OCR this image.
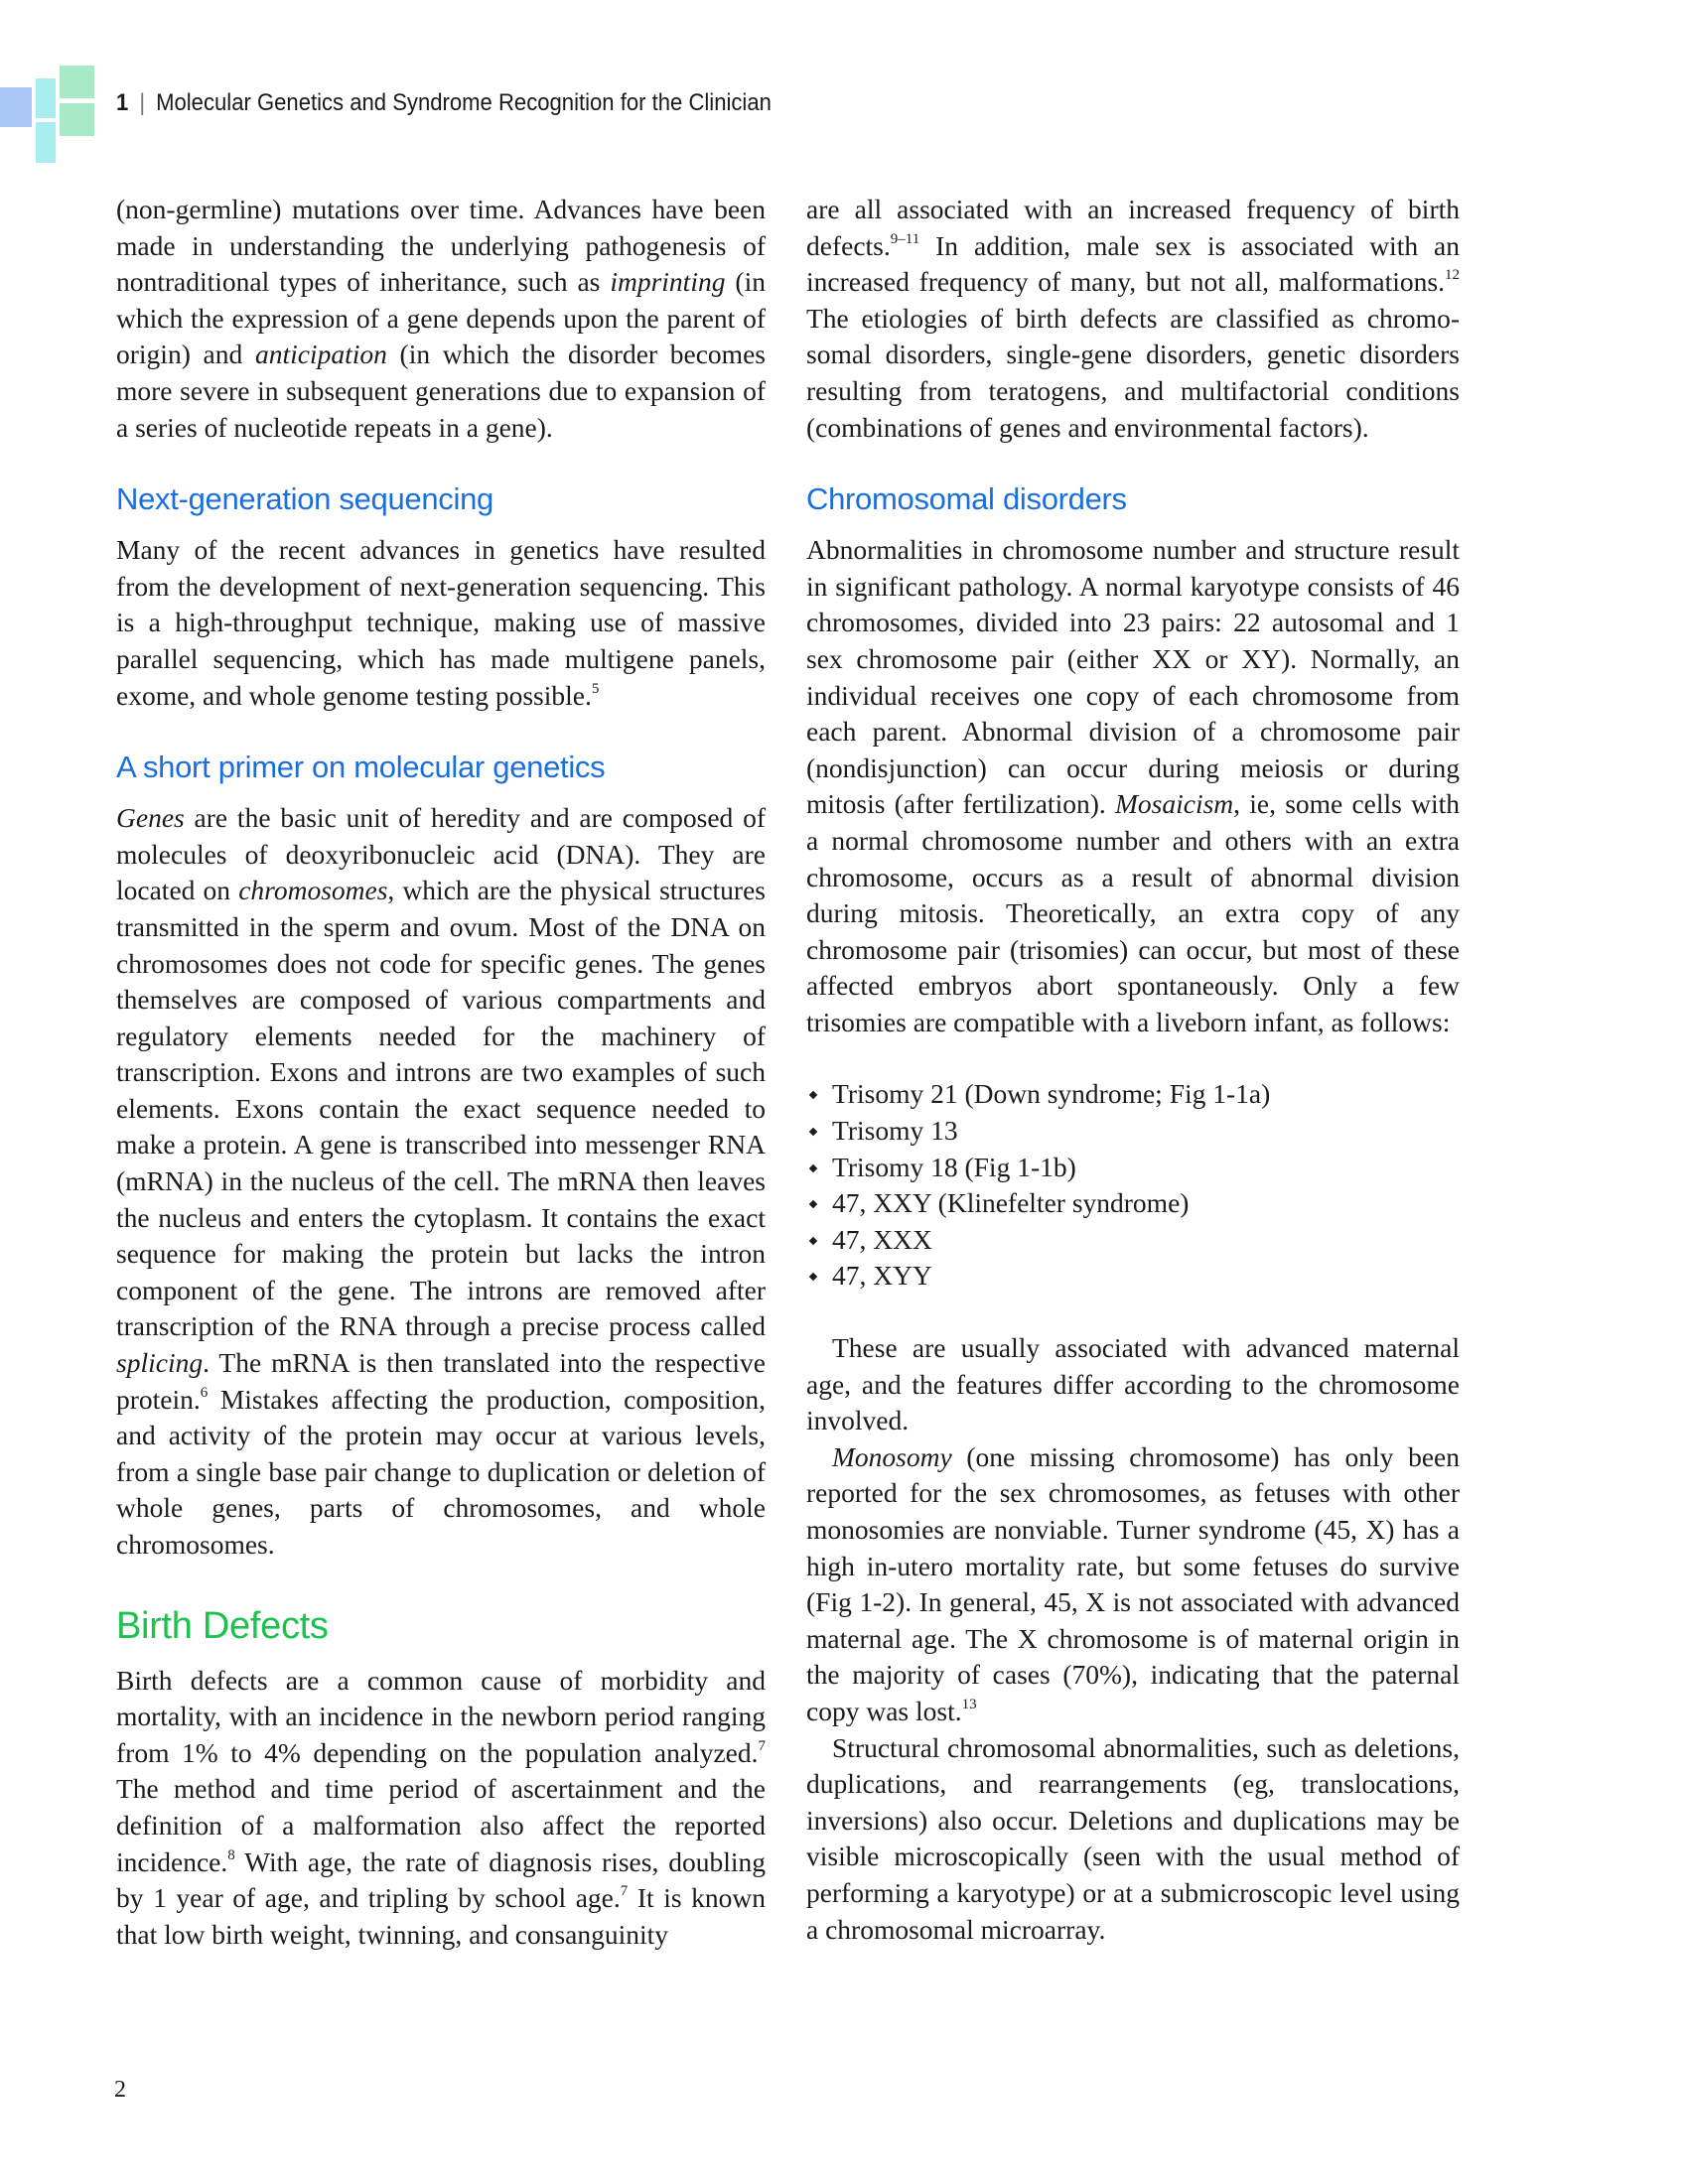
1 | Molecular Genetics and Syndrome Recognition for the Clinician

(non-germline) mutations over time. Advances have been made in understanding the underlying pathogenesis of nontraditional types of inheritance, such as imprinting (in which the expression of a gene depends upon the parent of origin) and anticipation (in which the disorder becomes more severe in subsequent generations due to expansion of a series of nucleotide repeats in a gene).

Next-generation sequencing

Many of the recent advances in genetics have resulted from the development of next-generation sequencing. This is a high-throughput technique, making use of massive parallel sequencing, which has made multigene panels, exome, and whole genome testing possible.$^5$

A short primer on molecular genetics

Genes are the basic unit of heredity and are composed of molecules of deoxyribonucleic acid (DNA). They are located on chromosomes, which are the physical structures transmitted in the sperm and ovum. Most of the DNA on chromosomes does not code for specific genes. The genes themselves are composed of various compartments and regulatory elements needed for the machinery of transcription. Exons and introns are two examples of such elements. Exons contain the exact sequence needed to make a protein. A gene is transcribed into messenger RNA (mRNA) in the nucleus of the cell. The mRNA then leaves the nucleus and enters the cytoplasm. It contains the exact sequence for making the protein but lacks the intron component of the gene. The introns are removed after transcription of the RNA through a precise process called splicing. The mRNA is then translated into the respective protein.$^6$ Mistakes affecting the production, composition, and activity of the protein may occur at various levels, from a single base pair change to duplication or deletion of whole genes, parts of chromosomes, and whole chromosomes.

Birth Defects

Birth defects are a common cause of morbidity and mortality, with an incidence in the newborn period ranging from 1% to 4% depending on the population analyzed.$^7$ The method and time period of ascertainment and the definition of a malformation also affect the reported incidence.$^8$ With age, the rate of diagnosis rises, doubling by 1 year of age, and tripling by school age.$^7$ It is known that low birth weight, twinning, and consanguinity

are all associated with an increased frequency of birth defects.$^{9-11}$ In addition, male sex is associated with an increased frequency of many, but not all, malformations.$^{12}$ The etiologies of birth defects are classified as chromosomal disorders, single-gene disorders, genetic disorders resulting from teratogens, and multifactorial conditions (combinations of genes and environmental factors).

Chromosomal disorders

Abnormalities in chromosome number and structure result in significant pathology. A normal karyotype consists of 46 chromosomes, divided into 23 pairs: 22 autosomal and 1 sex chromosome pair (either XX or XY). Normally, an individual receives one copy of each chromosome from each parent. Abnormal division of a chromosome pair (nondisjunction) can occur during meiosis or during mitosis (after fertilization). Mosaicism, ie, some cells with a normal chromosome number and others with an extra chromosome, occurs as a result of abnormal division during mitosis. Theoretically, an extra copy of any chromosome pair (trisomies) can occur, but most of these affected embryos abort spontaneously. Only a few trisomies are compatible with a liveborn infant, as follows:

Trisomy 21 (Down syndrome; Fig 1-1a)
Trisomy 13
Trisomy 18 (Fig 1-1b)
47, XXY (Klinefelter syndrome)
47, XXX
47, XYY

These are usually associated with advanced maternal age, and the features differ according to the chromosome involved.

Monosomy (one missing chromosome) has only been reported for the sex chromosomes, as fetuses with other monosomies are nonviable. Turner syndrome (45, X) has a high in-utero mortality rate, but some fetuses do survive (Fig 1-2). In general, 45, X is not associated with advanced maternal age. The X chromosome is of maternal origin in the majority of cases (70%), indicating that the paternal copy was lost.$^{13}$

Structural chromosomal abnormalities, such as deletions, duplications, and rearrangements (eg, translocations, inversions) also occur. Deletions and duplications may be visible microscopically (seen with the usual method of performing a karyotype) or at a submicroscopic level using a chromosomal microarray.

2
